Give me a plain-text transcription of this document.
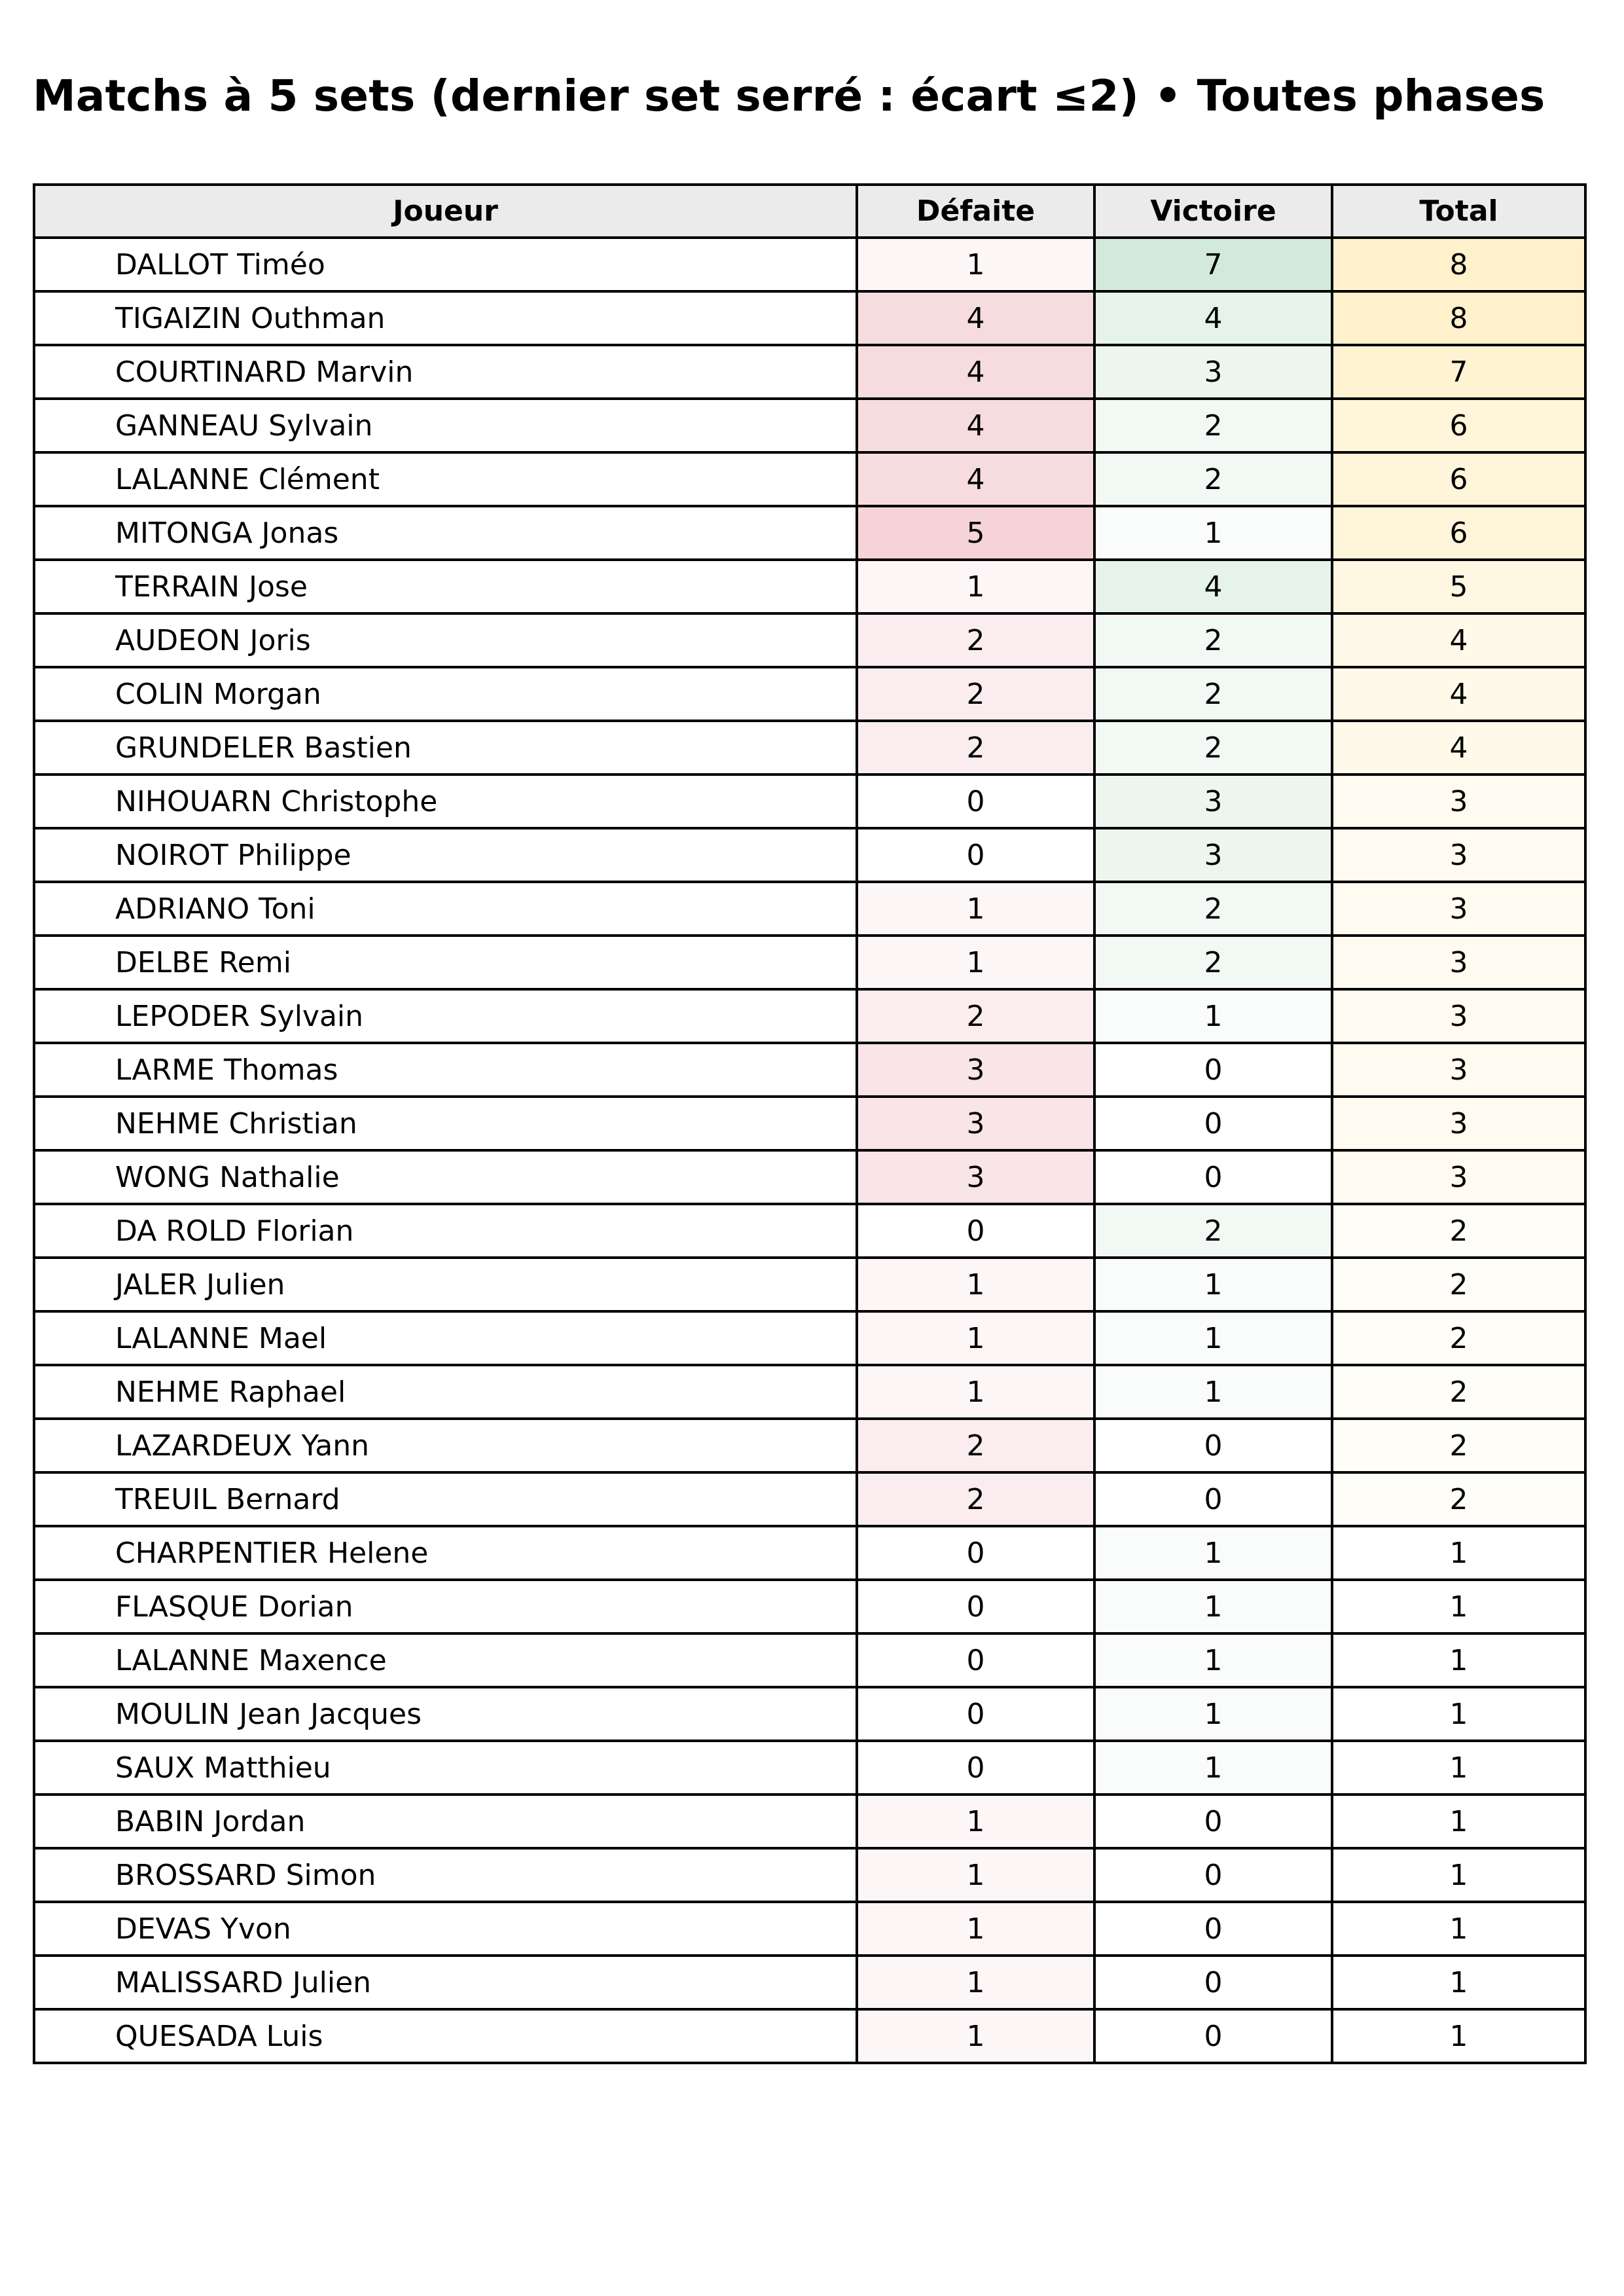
Matchs à 5 sets (dernier set serré : écart ≤2) • Toutes phases
Joueur	Défaite	Victoire	Total
DALLOT Timéo	1	7	8
TIGAIZIN Outhman	4	4	8
COURTINARD Marvin	4	3	7
GANNEAU Sylvain	4	2	6
LALANNE Clément	4	2	6
MITONGA Jonas	5	1	6
TERRAIN Jose	1	4	5
AUDEON Joris	2	2	4
COLIN Morgan	2	2	4
GRUNDELER Bastien	2	2	4
NIHOUARN Christophe	0	3	3
NOIROT Philippe	0	3	3
ADRIANO Toni	1	2	3
DELBE Remi	1	2	3
LEPODER Sylvain	2	1	3
LARME Thomas	3	0	3
NEHME Christian	3	0	3
WONG Nathalie	3	0	3
DA ROLD Florian	0	2	2
JALER Julien	1	1	2
LALANNE Mael	1	1	2
NEHME Raphael	1	1	2
LAZARDEUX Yann	2	0	2
TREUIL Bernard	2	0	2
CHARPENTIER Helene	0	1	1
FLASQUE Dorian	0	1	1
LALANNE Maxence	0	1	1
MOULIN Jean Jacques	0	1	1
SAUX Matthieu	0	1	1
BABIN Jordan	1	0	1
BROSSARD Simon	1	0	1
DEVAS Yvon	1	0	1
MALISSARD Julien	1	0	1
QUESADA Luis	1	0	1
